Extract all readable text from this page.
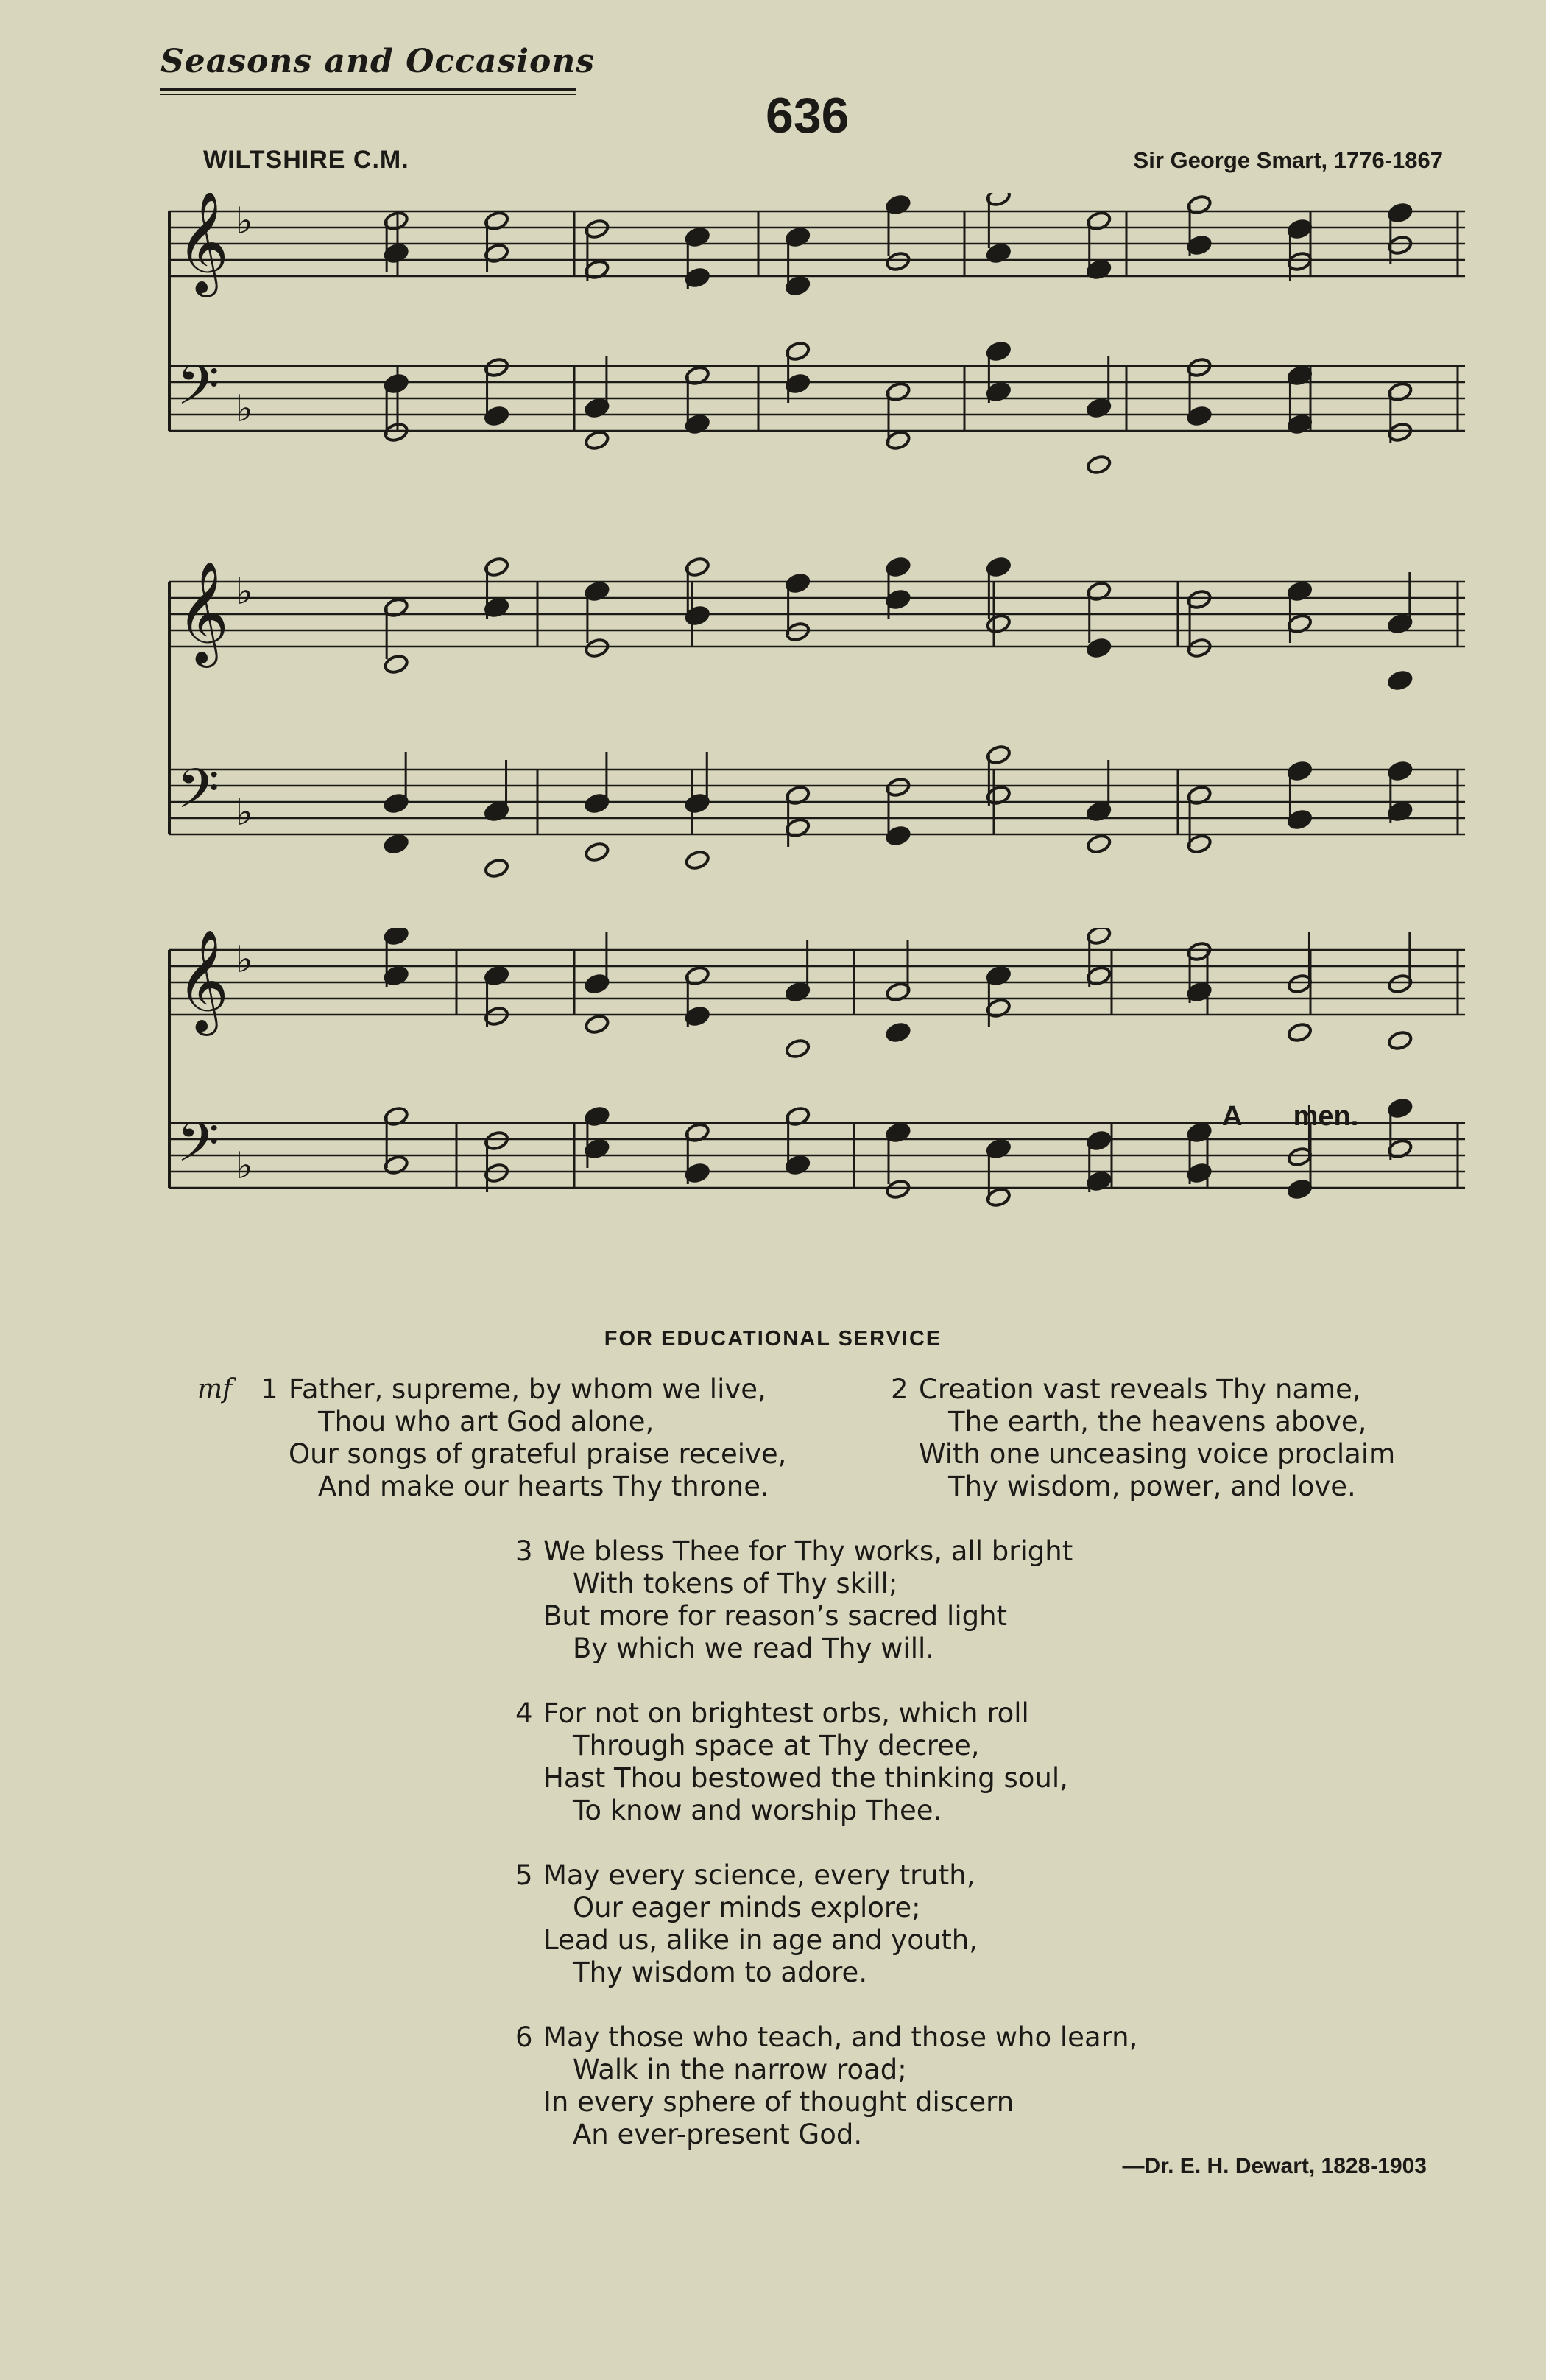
Seasons and Occasions
636
WILTSHIRE C.M.	Sir George Smart, 1776-1867
𝄞
𝄢
♭
♭
𝄞
𝄢
♭
♭
𝄞
𝄢
♭
♭
A men.
FOR EDUCATIONAL SERVICE
mf 1 Father, supreme, by whom we live,
Thou who art God alone,
Our songs of grateful praise receive,
And make our hearts Thy throne.
2 Creation vast reveals Thy name,
The earth, the heavens above,
With one unceasing voice proclaim
Thy wisdom, power, and love.
3 We bless Thee for Thy works, all bright
With tokens of Thy skill;
But more for reason’s sacred light
By which we read Thy will.
4 For not on brightest orbs, which roll
Through space at Thy decree,
Hast Thou bestowed the thinking soul,
To know and worship Thee.
5 May every science, every truth,
Our eager minds explore;
Lead us, alike in age and youth,
Thy wisdom to adore.
6 May those who teach, and those who learn,
Walk in the narrow road;
In every sphere of thought discern
An ever-present God.
—Dr. E. H. Dewart, 1828-1903
